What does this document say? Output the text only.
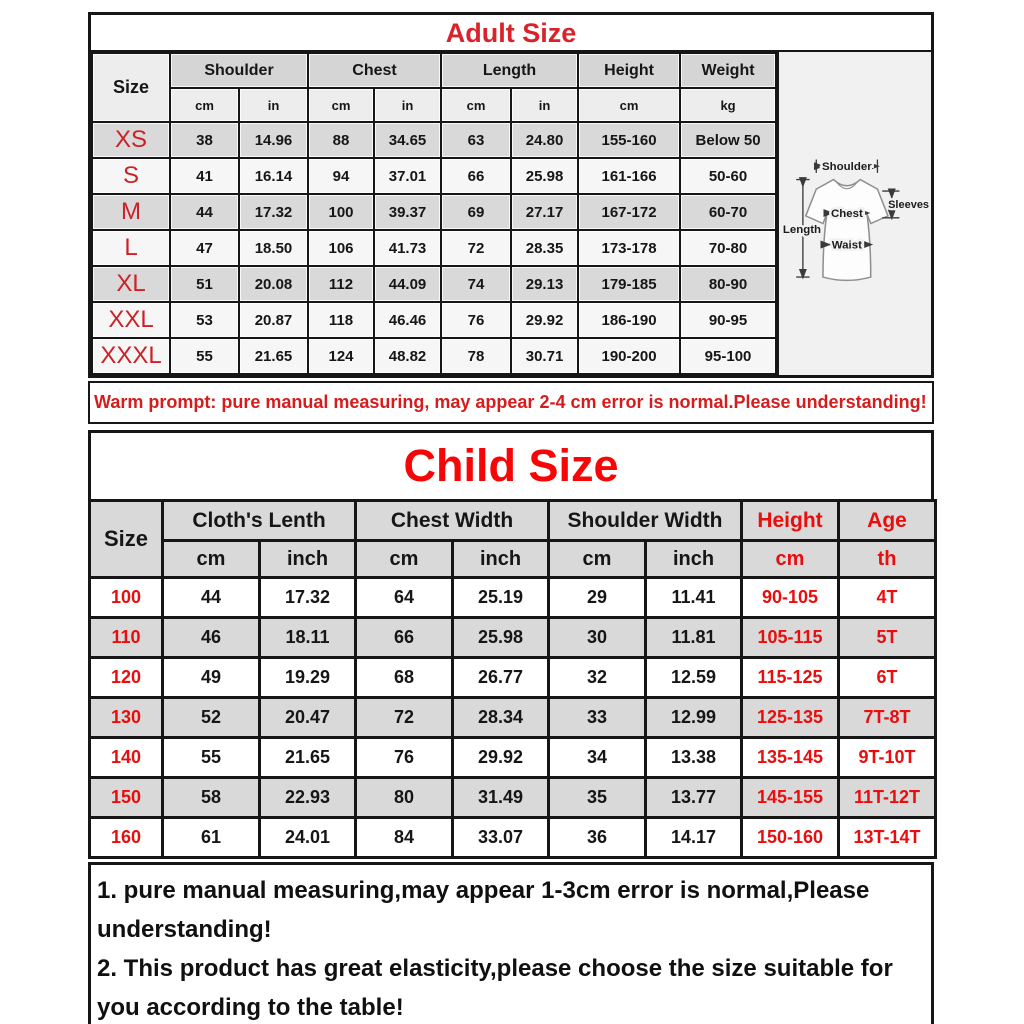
Adult Size
Size	Shoulder		Chest		Length		Height	Weight
	cm	in	cm	in	cm	in	cm	kg
XS	38	14.96	88	34.65	63	24.80	155-160	Below 50
S	41	16.14	94	37.01	66	25.98	161-166	50-60
M	44	17.32	100	39.37	69	27.17	167-172	60-70
L	47	18.50	106	41.73	72	28.35	173-178	70-80
XL	51	20.08	112	44.09	74	29.13	179-185	80-90
XXL	53	20.87	118	46.46	76	29.92	186-190	90-95
XXXL	55	21.65	124	48.82	78	30.71	190-200	95-100
Shoulder
Length
Chest
Waist
Sleeves
Warm prompt: pure manual measuring, may appear 2-4 cm error is normal.Please understanding!
Child Size
Size	Cloth's Lenth		Chest Width		Shoulder Width		Height	Age
	cm	inch	cm	inch	cm	inch	cm	th
100	44	17.32	64	25.19	29	11.41	90-105	4T
110	46	18.11	66	25.98	30	11.81	105-115	5T
120	49	19.29	68	26.77	32	12.59	115-125	6T
130	52	20.47	72	28.34	33	12.99	125-135	7T-8T
140	55	21.65	76	29.92	34	13.38	135-145	9T-10T
150	58	22.93	80	31.49	35	13.77	145-155	11T-12T
160	61	24.01	84	33.07	36	14.17	150-160	13T-14T
1. pure manual measuring,may appear 1-3cm error is normal,Please understanding!
2. This product has great elasticity,please choose the size suitable for you according to the table!
